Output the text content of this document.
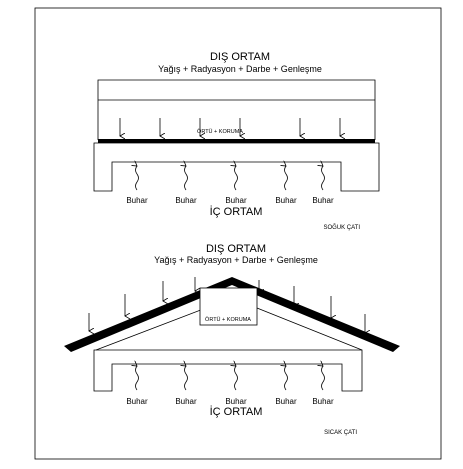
DIŞ ORTAM
Yağış + Radyasyon + Darbe + Genleşme
ÖRTÜ + KORUMA
Buhar	Buhar	Buhar	Buhar Buhar
İÇ ORTAM
SOĞUK ÇATI
DIŞ ORTAM
Yağış + Radyasyon + Darbe + Genleşme
ÖRTÜ + KORUMA
Buhar	Buhar	Buhar	Buhar Buhar
İÇ ORTAM
SICAK ÇATI
